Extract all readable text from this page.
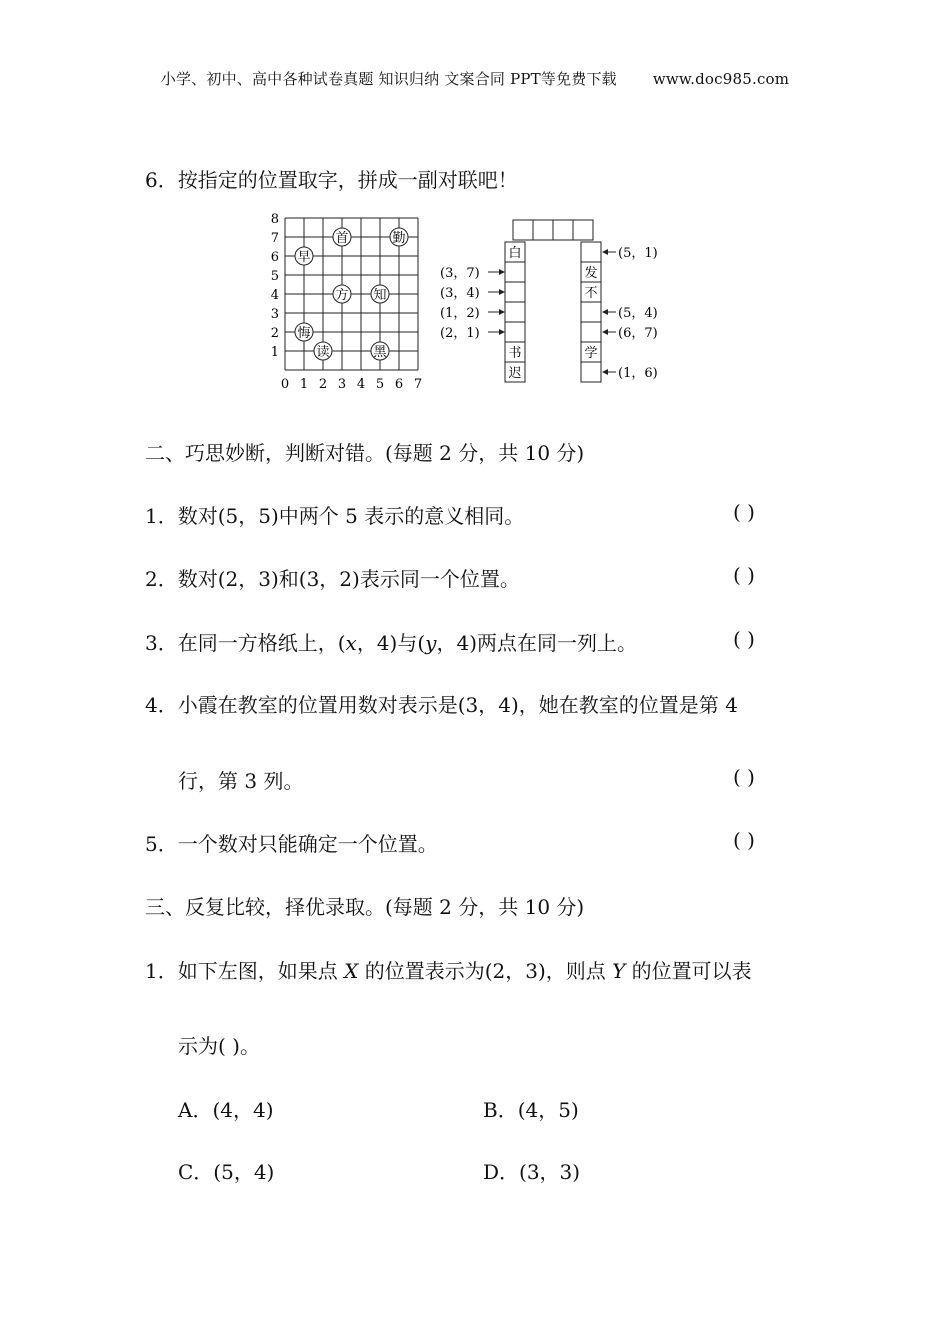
小学、初中、高中各种试卷真题 知识归纳 文案合同 PPT等免费下载 www.doc985.com
6．按指定的位置取字，拼成一副对联吧！
0 1 2 3 4 5 6 7
1
2
3
4
5
6
7
8
首	勤
早
方 知
悔
读	黑
白
书
迟
发
不
学
(3，7)
(3，4)
(1，2)
(2，1)
(5，1)
(5，4)
(6，7)
(1，6)
二、巧思妙断，判断对错。(每题 2 分，共 10 分)
1．数对(5，5)中两个 5 表示的意义相同。	( )
2．数对(2，3)和(3，2)表示同一个位置。	( )
3．在同一方格纸上，(x，4)与(y，4)两点在同一列上。	( )
4．小霞在教室的位置用数对表示是(3，4)，她在教室的位置是第 4
行，第 3 列。	( )
5．一个数对只能确定一个位置。	( )
三、反复比较，择优录取。(每题 2 分，共 10 分)
1．如下左图，如果点 X 的位置表示为(2，3)，则点 Y 的位置可以表
示为( )。
A．(4，4)	B．(4，5)
C．(5，4)	D．(3，3)
